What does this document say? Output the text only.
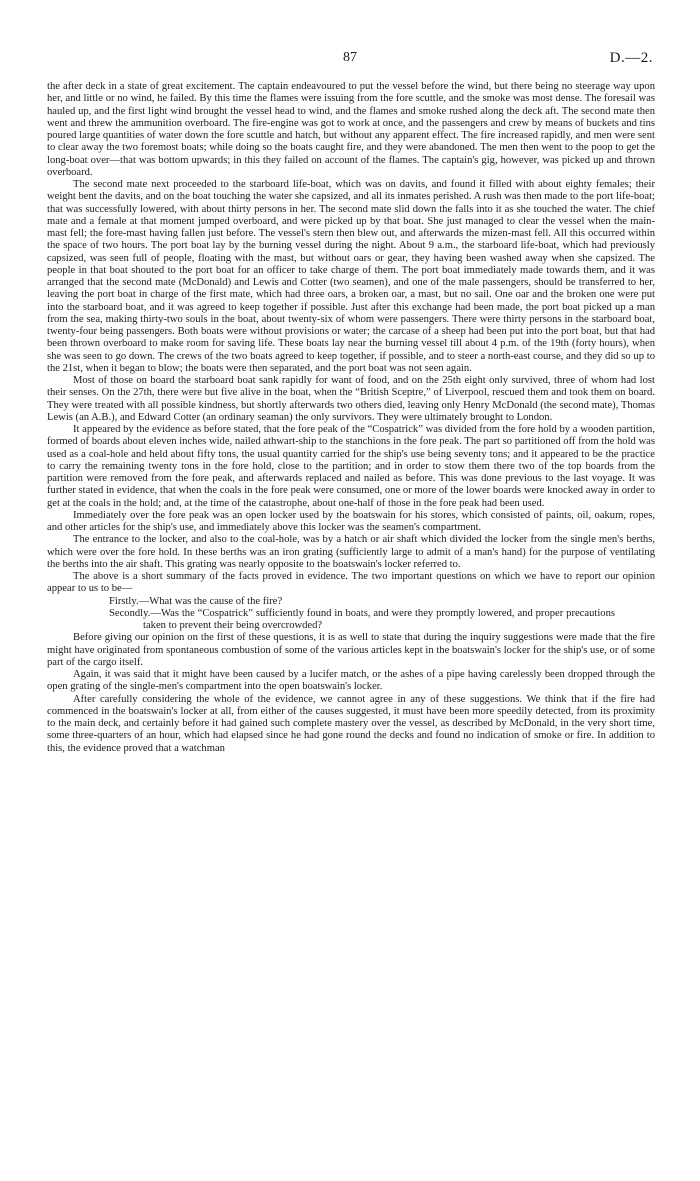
87	D.—2.

the after deck in a state of great excitement. The captain endeavoured to put the vessel before the wind, but there being no steerage way upon her, and little or no wind, he failed. By this time the flames were issuing from the fore scuttle, and the smoke was most dense. The foresail was hauled up, and the first light wind brought the vessel head to wind, and the flames and smoke rushed along the deck aft. The second mate then went and threw the ammunition overboard. The fire-engine was got to work at once, and the passengers and crew by means of buckets and tins poured large quantities of water down the fore scuttle and hatch, but without any apparent effect. The fire increased rapidly, and men were sent to clear away the two foremost boats; while doing so the boats caught fire, and they were abandoned. The men then went to the poop to get the long-boat over—that was bottom upwards; in this they failed on account of the flames. The captain's gig, however, was picked up and thrown overboard.

The second mate next proceeded to the starboard life-boat, which was on davits, and found it filled with about eighty females; their weight bent the davits, and on the boat touching the water she capsized, and all its inmates perished. A rush was then made to the port life-boat; that was successfully lowered, with about thirty persons in her. The second mate slid down the falls into it as she touched the water. The chief mate and a female at that moment jumped overboard, and were picked up by that boat. She just managed to clear the vessel when the main-mast fell; the fore-mast having fallen just before. The vessel's stern then blew out, and afterwards the mizen-mast fell. All this occurred within the space of two hours. The port boat lay by the burning vessel during the night. About 9 a.m., the starboard life-boat, which had previously capsized, was seen full of people, floating with the mast, but without oars or gear, they having been washed away when she capsized. The people in that boat shouted to the port boat for an officer to take charge of them. The port boat immediately made towards them, and it was arranged that the second mate (McDonald) and Lewis and Cotter (two seamen), and one of the male passengers, should be transferred to her, leaving the port boat in charge of the first mate, which had three oars, a broken oar, a mast, but no sail. One oar and the broken one were put into the starboard boat, and it was agreed to keep together if possible. Just after this exchange had been made, the port boat picked up a man from the sea, making thirty-two souls in the boat, about twenty-six of whom were passengers. There were thirty persons in the starboard boat, twenty-four being passengers. Both boats were without provisions or water; the carcase of a sheep had been put into the port boat, but that had been thrown overboard to make room for saving life. These boats lay near the burning vessel till about 4 p.m. of the 19th (forty hours), when she was seen to go down. The crews of the two boats agreed to keep together, if possible, and to steer a north-east course, and they did so up to the 21st, when it began to blow; the boats were then separated, and the port boat was not seen again.

Most of those on board the starboard boat sank rapidly for want of food, and on the 25th eight only survived, three of whom had lost their senses. On the 27th, there were but five alive in the boat, when the “British Sceptre,” of Liverpool, rescued them and took them on board. They were treated with all possible kindness, but shortly afterwards two others died, leaving only Henry McDonald (the second mate), Thomas Lewis (an A.B.), and Edward Cotter (an ordinary seaman) the only survivors. They were ultimately brought to London.

It appeared by the evidence as before stated, that the fore peak of the “Cospatrick” was divided from the fore hold by a wooden partition, formed of boards about eleven inches wide, nailed athwart-ship to the stanchions in the fore peak. The part so partitioned off from the hold was used as a coal-hole and held about fifty tons, the usual quantity carried for the ship's use being seventy tons; and it appeared to be the practice to carry the remaining twenty tons in the fore hold, close to the partition; and in order to stow them there two of the top boards from the partition were removed from the fore peak, and afterwards replaced and nailed as before. This was done previous to the last voyage. It was further stated in evidence, that when the coals in the fore peak were consumed, one or more of the lower boards were knocked away in order to get at the coals in the hold; and, at the time of the catastrophe, about one-half of those in the fore peak had been used.

Immediately over the fore peak was an open locker used by the boatswain for his stores, which consisted of paints, oil, oakum, ropes, and other articles for the ship's use, and immediately above this locker was the seamen's compartment.

The entrance to the locker, and also to the coal-hole, was by a hatch or air shaft which divided the locker from the single men's berths, which were over the fore hold. In these berths was an iron grating (sufficiently large to admit of a man's hand) for the purpose of ventilating the berths into the air shaft. This grating was nearly opposite to the boatswain's locker referred to.

The above is a short summary of the facts proved in evidence. The two important questions on which we have to report our opinion appear to us to be—

Firstly.—What was the cause of the fire?

Secondly.—Was the “Cospatrick” sufficiently found in boats, and were they promptly lowered, and proper precautions taken to prevent their being overcrowded?

Before giving our opinion on the first of these questions, it is as well to state that during the inquiry suggestions were made that the fire might have originated from spontaneous combustion of some of the various articles kept in the boatswain's locker for the ship's use, or of some part of the cargo itself.

Again, it was said that it might have been caused by a lucifer match, or the ashes of a pipe having carelessly been dropped through the open grating of the single-men's compartment into the open boatswain's locker.

After carefully considering the whole of the evidence, we cannot agree in any of these suggestions. We think that if the fire had commenced in the boatswain's locker at all, from either of the causes suggested, it must have been more speedily detected, from its proximity to the main deck, and certainly before it had gained such complete mastery over the vessel, as described by McDonald, in the very short time, some three-quarters of an hour, which had elapsed since he had gone round the decks and found no indication of smoke or fire. In addition to this, the evidence proved that a watchman
